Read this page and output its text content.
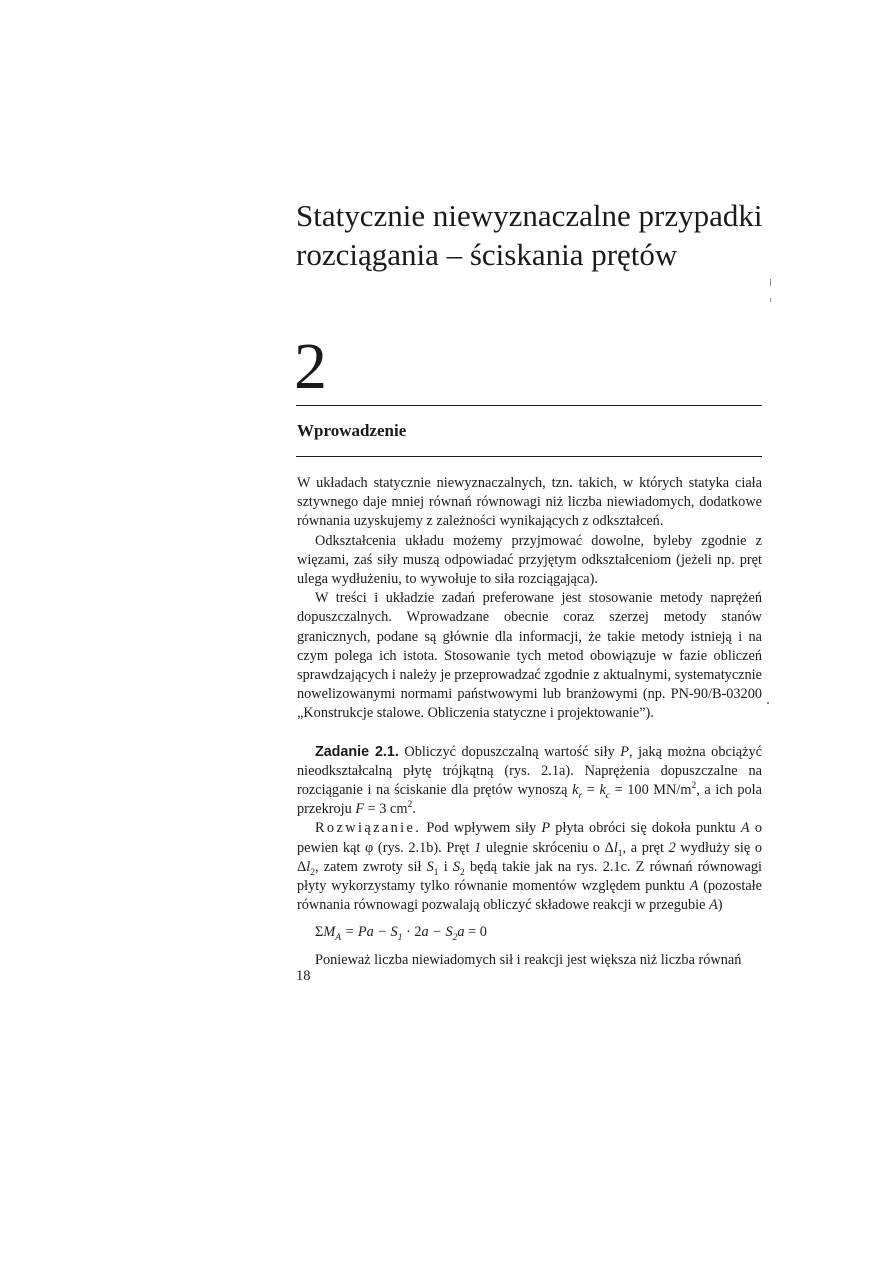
Statycznie niewyznaczalne przypadki
rozciągania – ściskania prętów
2
Wprowadzenie

W układach statycznie niewyznaczalnych, tzn. takich, w których statyka ciała sztywnego daje mniej równań równowagi niż liczba niewiadomych, dodatkowe równania uzyskujemy z zależności wynikających z odkształceń.

Odkształcenia układu możemy przyjmować dowolne, byleby zgodnie z więzami, zaś siły muszą odpowiadać przyjętym odkształceniom (jeżeli np. pręt ulega wydłużeniu, to wywołuje to siła rozciągająca).

W treści i układzie zadań preferowane jest stosowanie metody naprężeń dopuszczalnych. Wprowadzane obecnie coraz szerzej metody stanów granicznych, podane są głównie dla informacji, że takie metody istnieją i na czym polega ich istota. Stosowanie tych metod obowiązuje w fazie obliczeń sprawdzających i należy je przeprowadzać zgodnie z aktualnymi, systematycznie nowelizowanymi normami państwowymi lub branżowymi (np. PN-90/B-03200 „Konstrukcje stalowe. Obliczenia statyczne i projektowanie”).

Zadanie 2.1. Obliczyć dopuszczalną wartość siły P, jaką można obciążyć nieodkształcalną płytę trójkątną (rys. 2.1a). Naprężenia dopuszczalne na rozciąganie i na ściskanie dla prętów wynoszą $k_r = k_c = 100$ $MN/m^2$, a ich pola przekroju F = 3 $cm^2$.

Rozwiązanie. Pod wpływem siły P płyta obróci się dokoła punktu A o pewien kąt φ (rys. 2.1b). Pręt 1 ulegnie skróceniu o $\Delta l_1$, a pręt 2 wydłuży się o $\Delta l_2$, zatem zwroty sił $S_1$ i $S_2$ będą takie jak na rys. 2.1c. Z równań równowagi płyty wykorzystamy tylko równanie momentów względem punktu A (pozostałe równania równowagi pozwalają obliczyć składowe reakcji w przegubie A)

$\Sigma M_A = Pa - S_1 \cdot 2a - S_2a = 0$

Ponieważ liczba niewiadomych sił i reakcji jest większa niż liczba równań

18
